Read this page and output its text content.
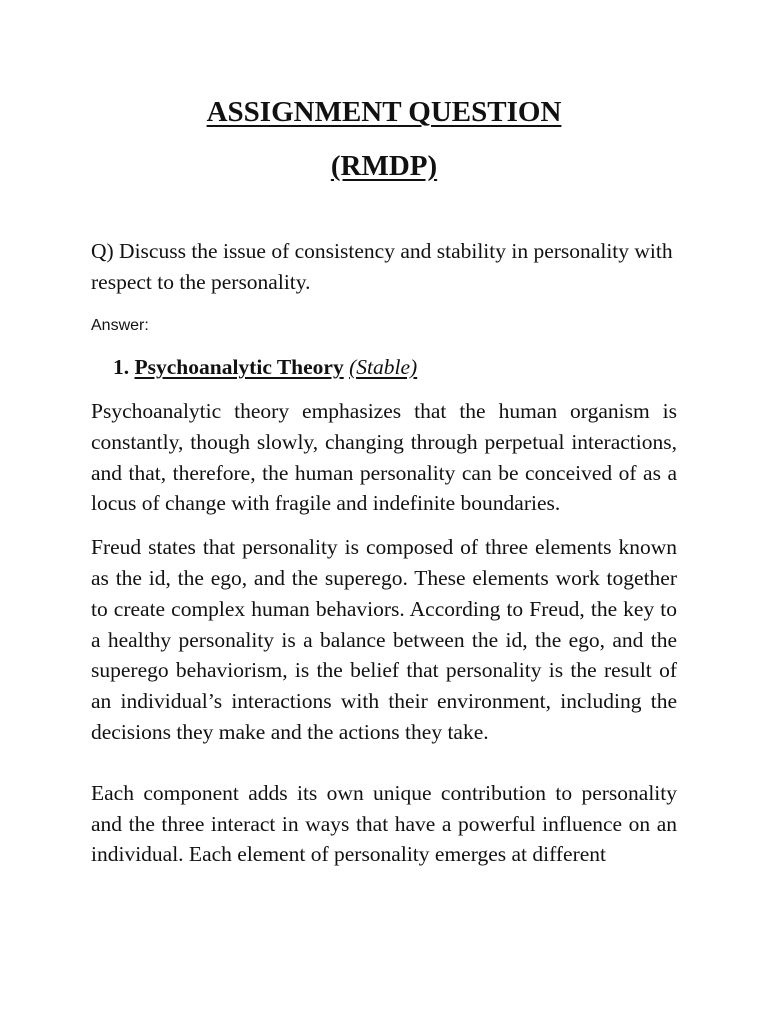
ASSIGNMENT QUESTION
(RMDP)

Q) Discuss the issue of consistency and stability in personality with respect to the personality.

Answer:

1. Psychoanalytic Theory (Stable)

Psychoanalytic theory emphasizes that the human organism is constantly, though slowly, changing through perpetual interactions, and that, therefore, the human personality can be conceived of as a locus of change with fragile and indefinite boundaries.

Freud states that personality is composed of three elements known as the id, the ego, and the superego. These elements work together to create complex human behaviors. According to Freud, the key to a healthy personality is a balance between the id, the ego, and the superego behaviorism, is the belief that personality is the result of an individual’s interactions with their environment, including the decisions they make and the actions they take.

Each component adds its own unique contribution to personality and the three interact in ways that have a powerful influence on an individual. Each element of personality emerges at different
